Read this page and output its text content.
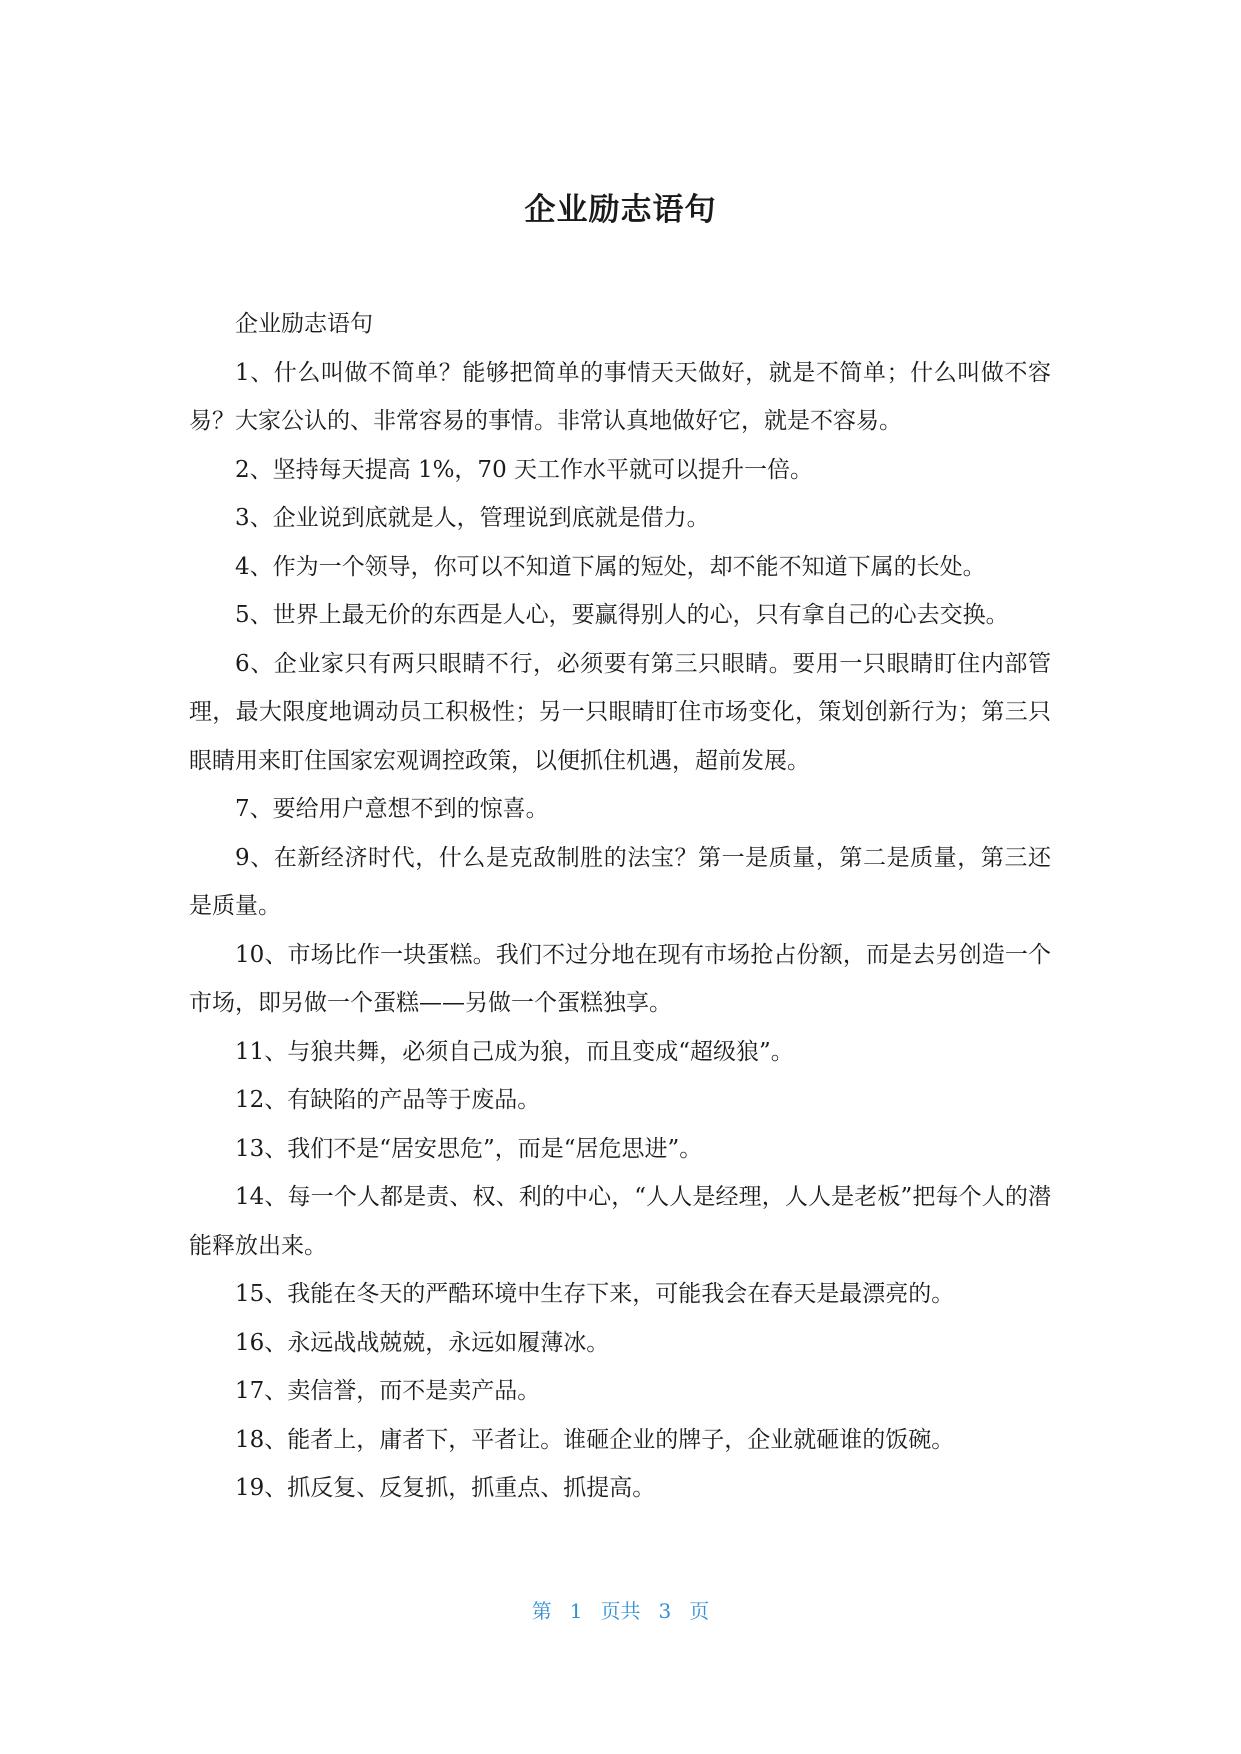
企业励志语句

企业励志语句

1、什么叫做不简单？能够把简单的事情天天做好，就是不简单；什么叫做不容易？大家公认的、非常容易的事情。非常认真地做好它，就是不容易。

2、坚持每天提高 1%，70 天工作水平就可以提升一倍。

3、企业说到底就是人，管理说到底就是借力。

4、作为一个领导，你可以不知道下属的短处，却不能不知道下属的长处。

5、世界上最无价的东西是人心，要赢得别人的心，只有拿自己的心去交换。

6、企业家只有两只眼睛不行，必须要有第三只眼睛。要用一只眼睛盯住内部管理，最大限度地调动员工积极性；另一只眼睛盯住市场变化，策划创新行为；第三只眼睛用来盯住国家宏观调控政策，以便抓住机遇，超前发展。

7、要给用户意想不到的惊喜。

9、在新经济时代，什么是克敌制胜的法宝？第一是质量，第二是质量，第三还是质量。

10、市场比作一块蛋糕。我们不过分地在现有市场抢占份额，而是去另创造一个市场，即另做一个蛋糕——另做一个蛋糕独享。

11、与狼共舞，必须自己成为狼，而且变成“超级狼”。

12、有缺陷的产品等于废品。

13、我们不是“居安思危”，而是“居危思进”。

14、每一个人都是责、权、利的中心，“人人是经理，人人是老板”把每个人的潜能释放出来。

15、我能在冬天的严酷环境中生存下来，可能我会在春天是最漂亮的。

16、永远战战兢兢，永远如履薄冰。

17、卖信誉，而不是卖产品。

18、能者上，庸者下，平者让。谁砸企业的牌子，企业就砸谁的饭碗。

19、抓反复、反复抓，抓重点、抓提高。

第 1 页共 3 页
